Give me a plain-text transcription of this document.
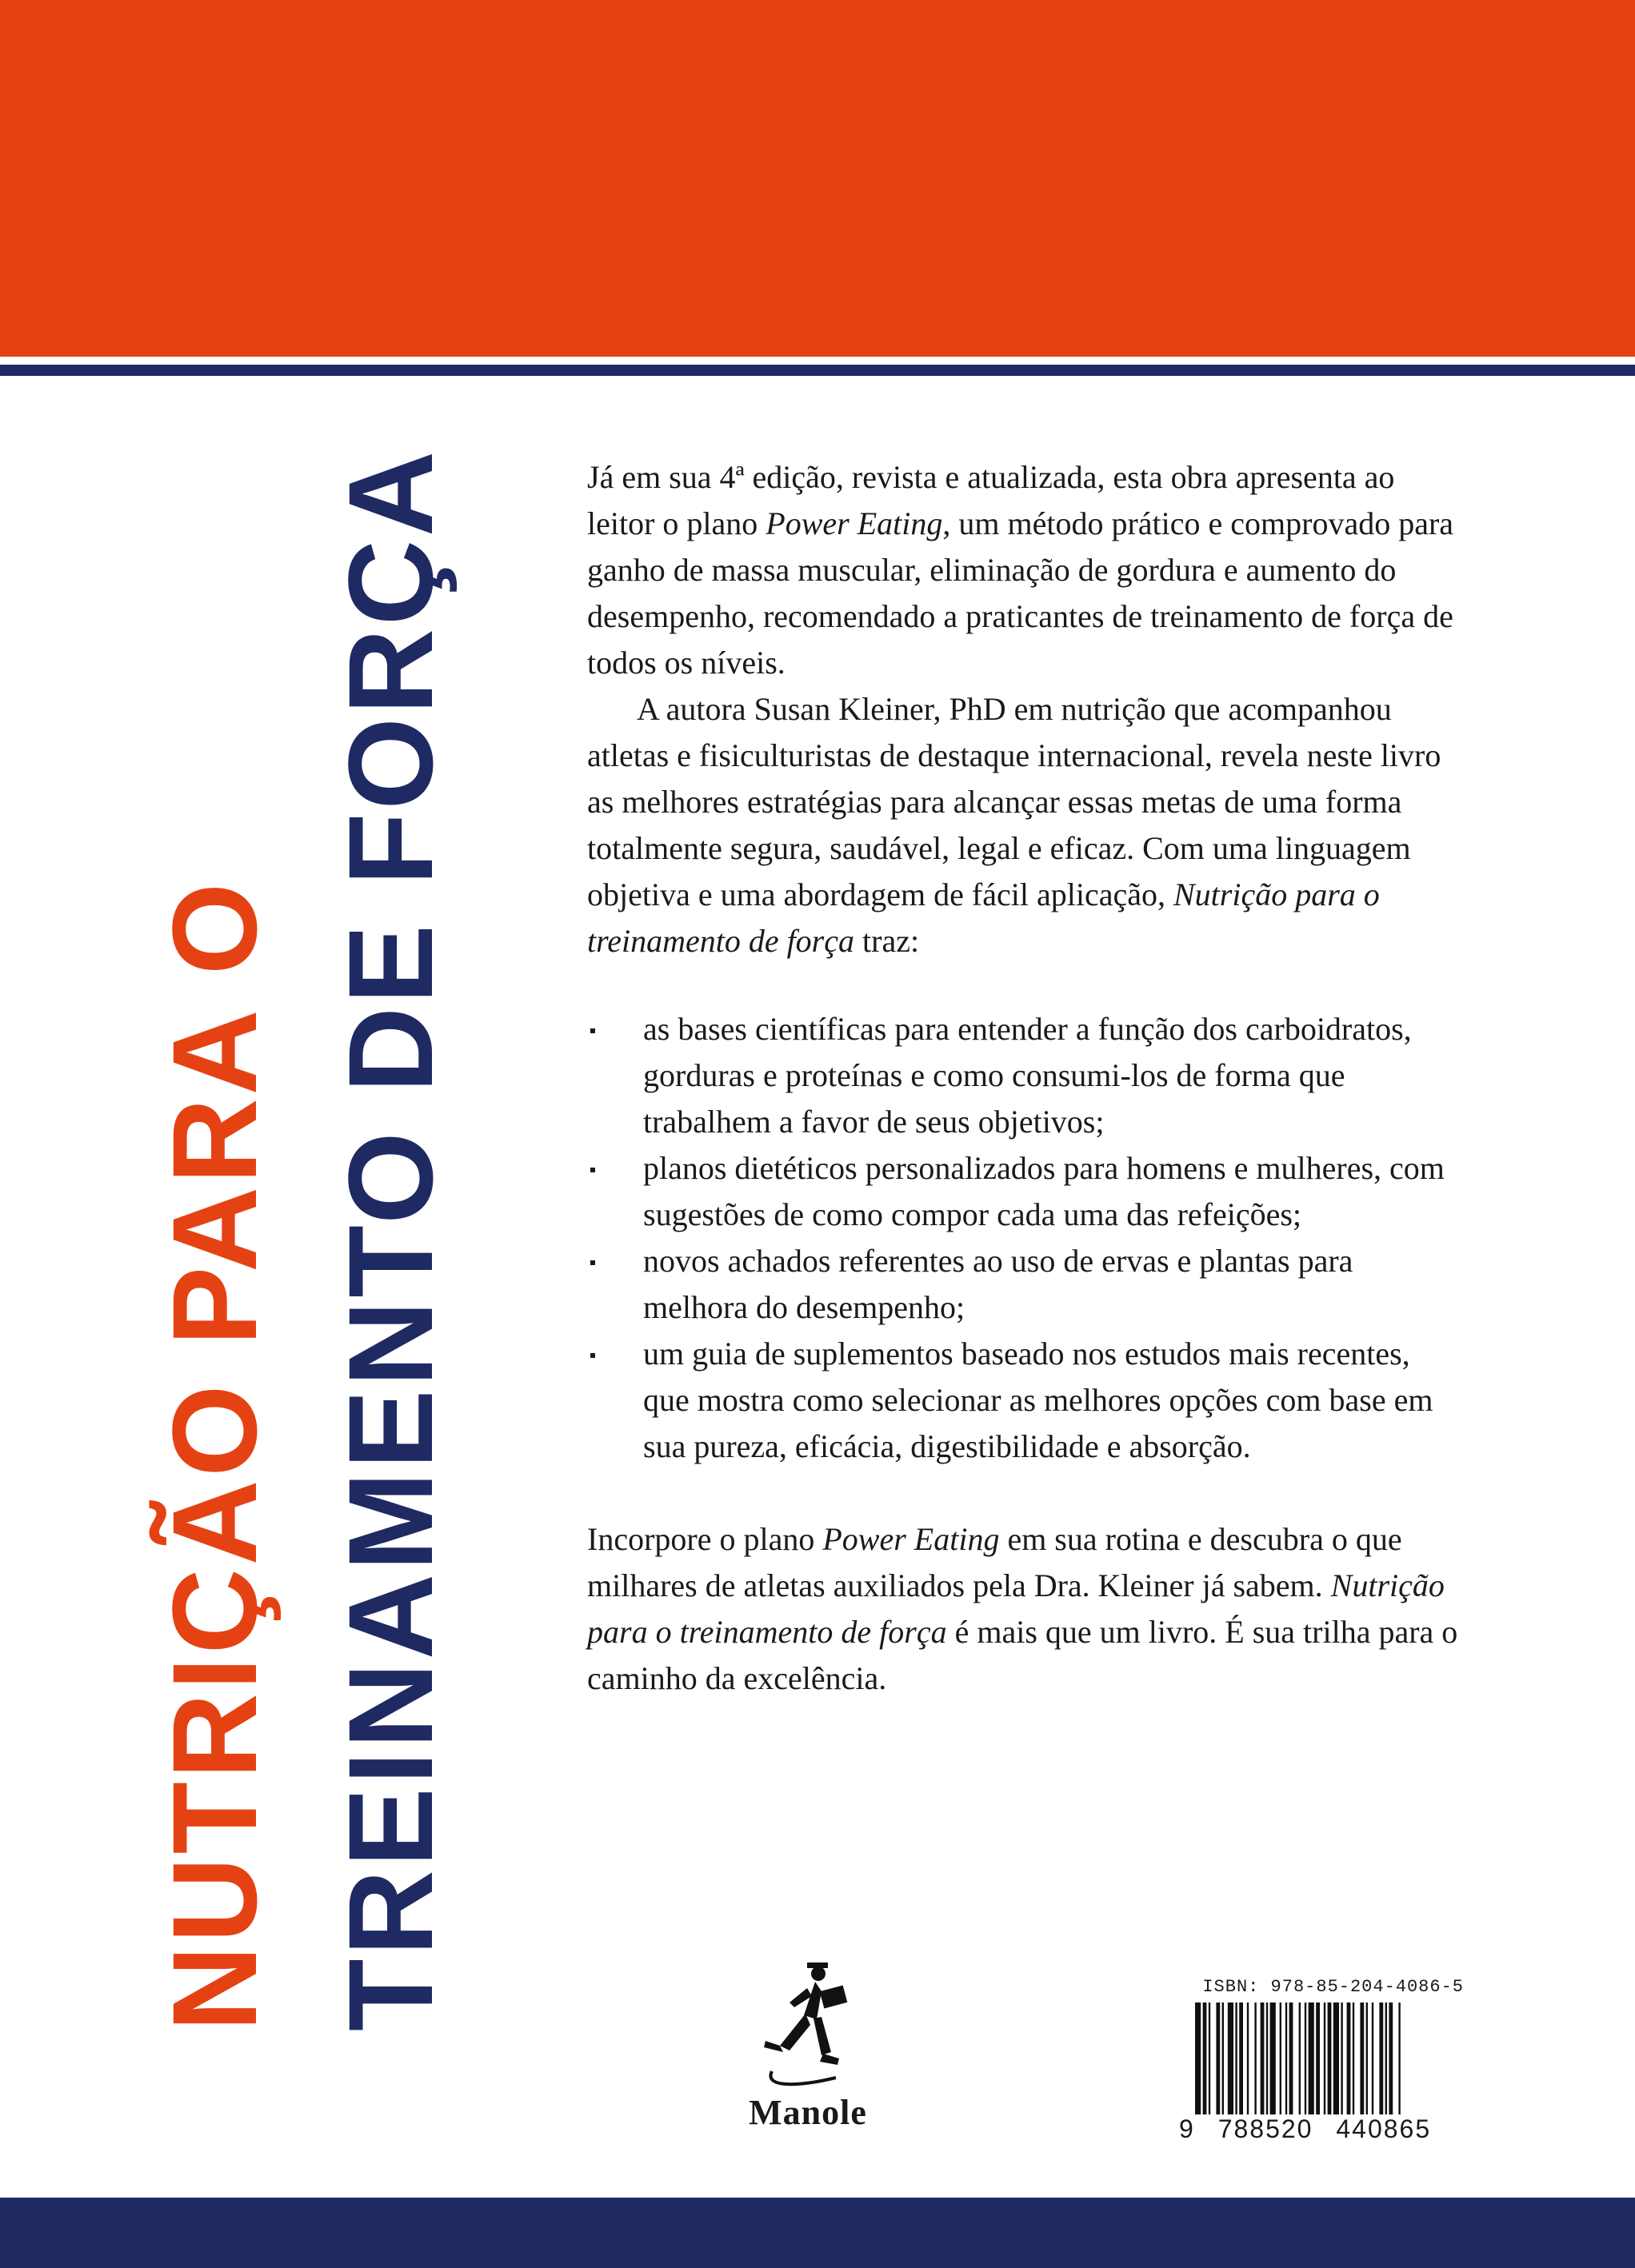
NUTRIÇÃO PARA O TREINAMENTO DE FORÇA	Já em sua 4ª edição, revista e atualizada, esta obra apresenta ao leitor o plano Power Eating, um método prático e comprovado para ganho de massa muscular, eliminação de gordura e aumento do desempenho, recomendado a praticantes de treinamento de força de todos os níveis.

A autora Susan Kleiner, PhD em nutrição que acompanhou atletas e fisiculturistas de destaque internacional, revela neste livro as melhores estratégias para alcançar essas metas de uma forma totalmente segura, saudável, legal e eficaz. Com uma linguagem objetiva e uma abordagem de fácil aplicação, Nutrição para o treinamento de força traz:

as bases científicas para entender a função dos carboidratos, gorduras e proteínas e como consumi-los de forma que trabalhem a favor de seus objetivos;
planos dietéticos personalizados para homens e mulheres, com sugestões de como compor cada uma das refeições;
novos achados referentes ao uso de ervas e plantas para melhora do desempenho;
um guia de suplementos baseado nos estudos mais recentes, que mostra como selecionar as melhores opções com base em sua pureza, eficácia, digestibilidade e absorção.

Incorpore o plano Power Eating em sua rotina e descubra o que milhares de atletas auxiliados pela Dra. Kleiner já sabem. Nutrição para o treinamento de força é mais que um livro. É sua trilha para o caminho da excelência.

Manole
ISBN: 978-85-204-4086-5
9 788520 440865
